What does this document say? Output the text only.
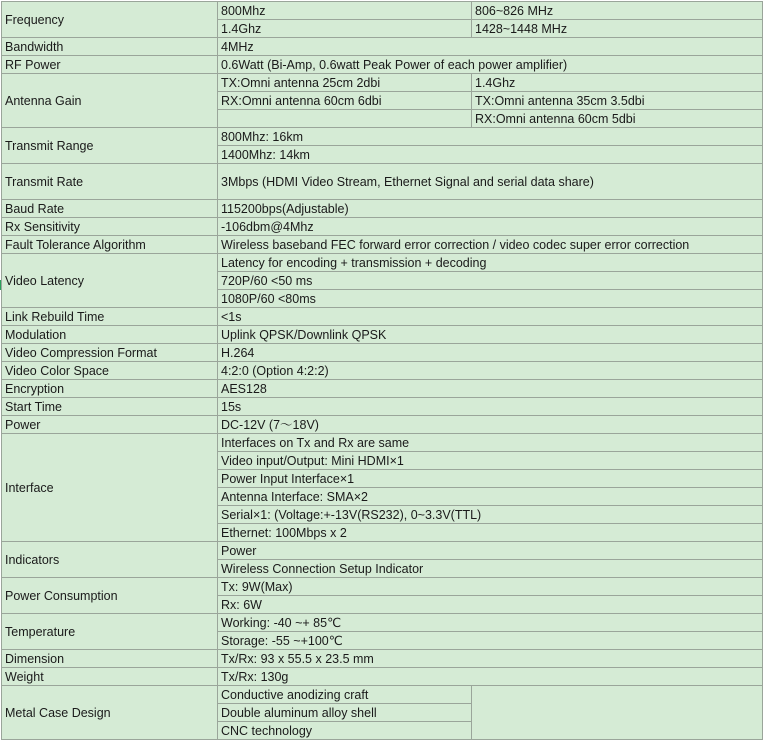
Frequency	800Mhz	806~826 MHz
	1.4Ghz	1428~1448 MHz
Bandwidth	4MHz	
RF Power	0.6Watt (Bi-Amp, 0.6watt Peak Power of each power amplifier)	
Antenna Gain	TX:Omni antenna 25cm 2dbi	1.4Ghz
	RX:Omni antenna 60cm 6dbi	TX:Omni antenna 35cm 3.5dbi
		RX:Omni antenna 60cm 5dbi
Transmit Range	800Mhz: 16km	
	1400Mhz: 14km	
Transmit Rate	3Mbps (HDMI Video Stream, Ethernet Signal and serial data share)	
Baud Rate	115200bps(Adjustable)	
Rx Sensitivity	-106dbm@4Mhz	
Fault Tolerance Algorithm	Wireless baseband FEC forward error correction / video codec super error correction	
Video Latency	Latency for encoding + transmission + decoding	
	720P/60 <50 ms	
	1080P/60 <80ms	
Link Rebuild Time	<1s	
Modulation	Uplink QPSK/Downlink QPSK	
Video Compression Format	H.264	
Video Color Space	4:2:0 (Option 4:2:2)	
Encryption	AES128	
Start Time	15s	
Power	DC-12V (7～18V)	
Interface	Interfaces on Tx and Rx are same	
	Video input/Output: Mini HDMI×1	
	Power Input Interface×1	
	Antenna Interface: SMA×2	
	Serial×1: (Voltage:+-13V(RS232), 0~3.3V(TTL)	
	Ethernet: 100Mbps x 2	
Indicators	Power	
	Wireless Connection Setup Indicator	
Power Consumption	Tx: 9W(Max)	
	Rx: 6W	
Temperature	Working: -40 ~+ 85℃	
	Storage: -55 ~+100℃	
Dimension	Tx/Rx: 93 x 55.5 x 23.5 mm	
Weight	Tx/Rx: 130g	
Metal Case Design	Conductive anodizing craft	
	Double aluminum alloy shell	
	CNC technology	
